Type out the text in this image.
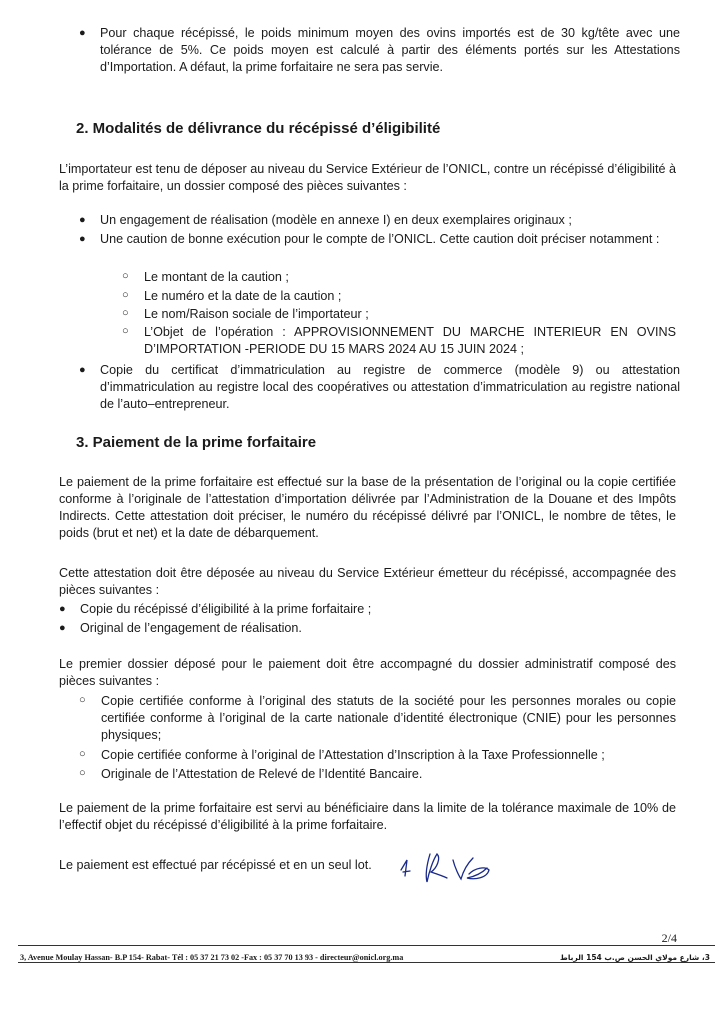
● Pour chaque récépissé, le poids minimum moyen des ovins importés est de 30 kg/tête avec une tolérance de 5%. Ce poids moyen est calculé à partir des éléments portés sur les Attestations d’Importation. A défaut, la prime forfaitaire ne sera pas servie.

2. Modalités de délivrance du récépissé d’éligibilité

L’importateur est tenu de déposer au niveau du Service Extérieur de l’ONICL, contre un récépissé d’éligibilité à la prime forfaitaire, un dossier composé des pièces suivantes :

● Un engagement de réalisation (modèle en annexe I) en deux exemplaires originaux ;

● Une caution de bonne exécution pour le compte de l’ONICL. Cette caution doit préciser notamment :

○ Le montant de la caution ;

○ Le numéro et la date de la caution ;

○ Le nom/Raison sociale de l’importateur ;

○ L’Objet de l’opération : APPROVISIONNEMENT DU MARCHE INTERIEUR EN OVINS D’IMPORTATION -PERIODE DU 15 MARS 2024 AU 15 JUIN 2024 ;

● Copie du certificat d’immatriculation au registre de commerce (modèle 9) ou attestation d’immatriculation au registre local des coopératives ou attestation d’immatriculation au registre national de l’auto–entrepreneur.

3. Paiement de la prime forfaitaire

Le paiement de la prime forfaitaire est effectué sur la base de la présentation de l’original ou la copie certifiée conforme à l’originale de l’attestation d’importation délivrée par l’Administration de la Douane et des Impôts Indirects. Cette attestation doit préciser, le numéro du récépissé délivré par l’ONICL, le nombre de têtes, le poids (brut et net) et la date de débarquement.

Cette attestation doit être déposée au niveau du Service Extérieur émetteur du récépissé, accompagnée des pièces suivantes :

● Copie du récépissé d’éligibilité à la prime forfaitaire ;

● Original de l’engagement de réalisation.

Le premier dossier déposé pour le paiement doit être accompagné du dossier administratif composé des pièces suivantes :

○ Copie certifiée conforme à l’original des statuts de la société pour les personnes morales ou copie certifiée conforme à l’original de la carte nationale d’identité électronique (CNIE) pour les personnes physiques;

○ Copie certifiée conforme à l’original de l’Attestation d’Inscription à la Taxe Professionnelle ;

○ Originale de l’Attestation de Relevé de l’Identité Bancaire.

Le paiement de la prime forfaitaire est servi au bénéficiaire dans la limite de la tolérance maximale de 10% de l’effectif objet du récépissé d’éligibilité à la prime forfaitaire.

Le paiement est effectué par récépissé et en un seul lot.

2/4
3, Avenue Moulay Hassan- B.P 154- Rabat- Tél : 05 37 21 73 02 -Fax : 05 37 70 13 93 - directeur@onicl.org.ma	3، شارع مولاي الحسن ص.ب 154 الرباط
